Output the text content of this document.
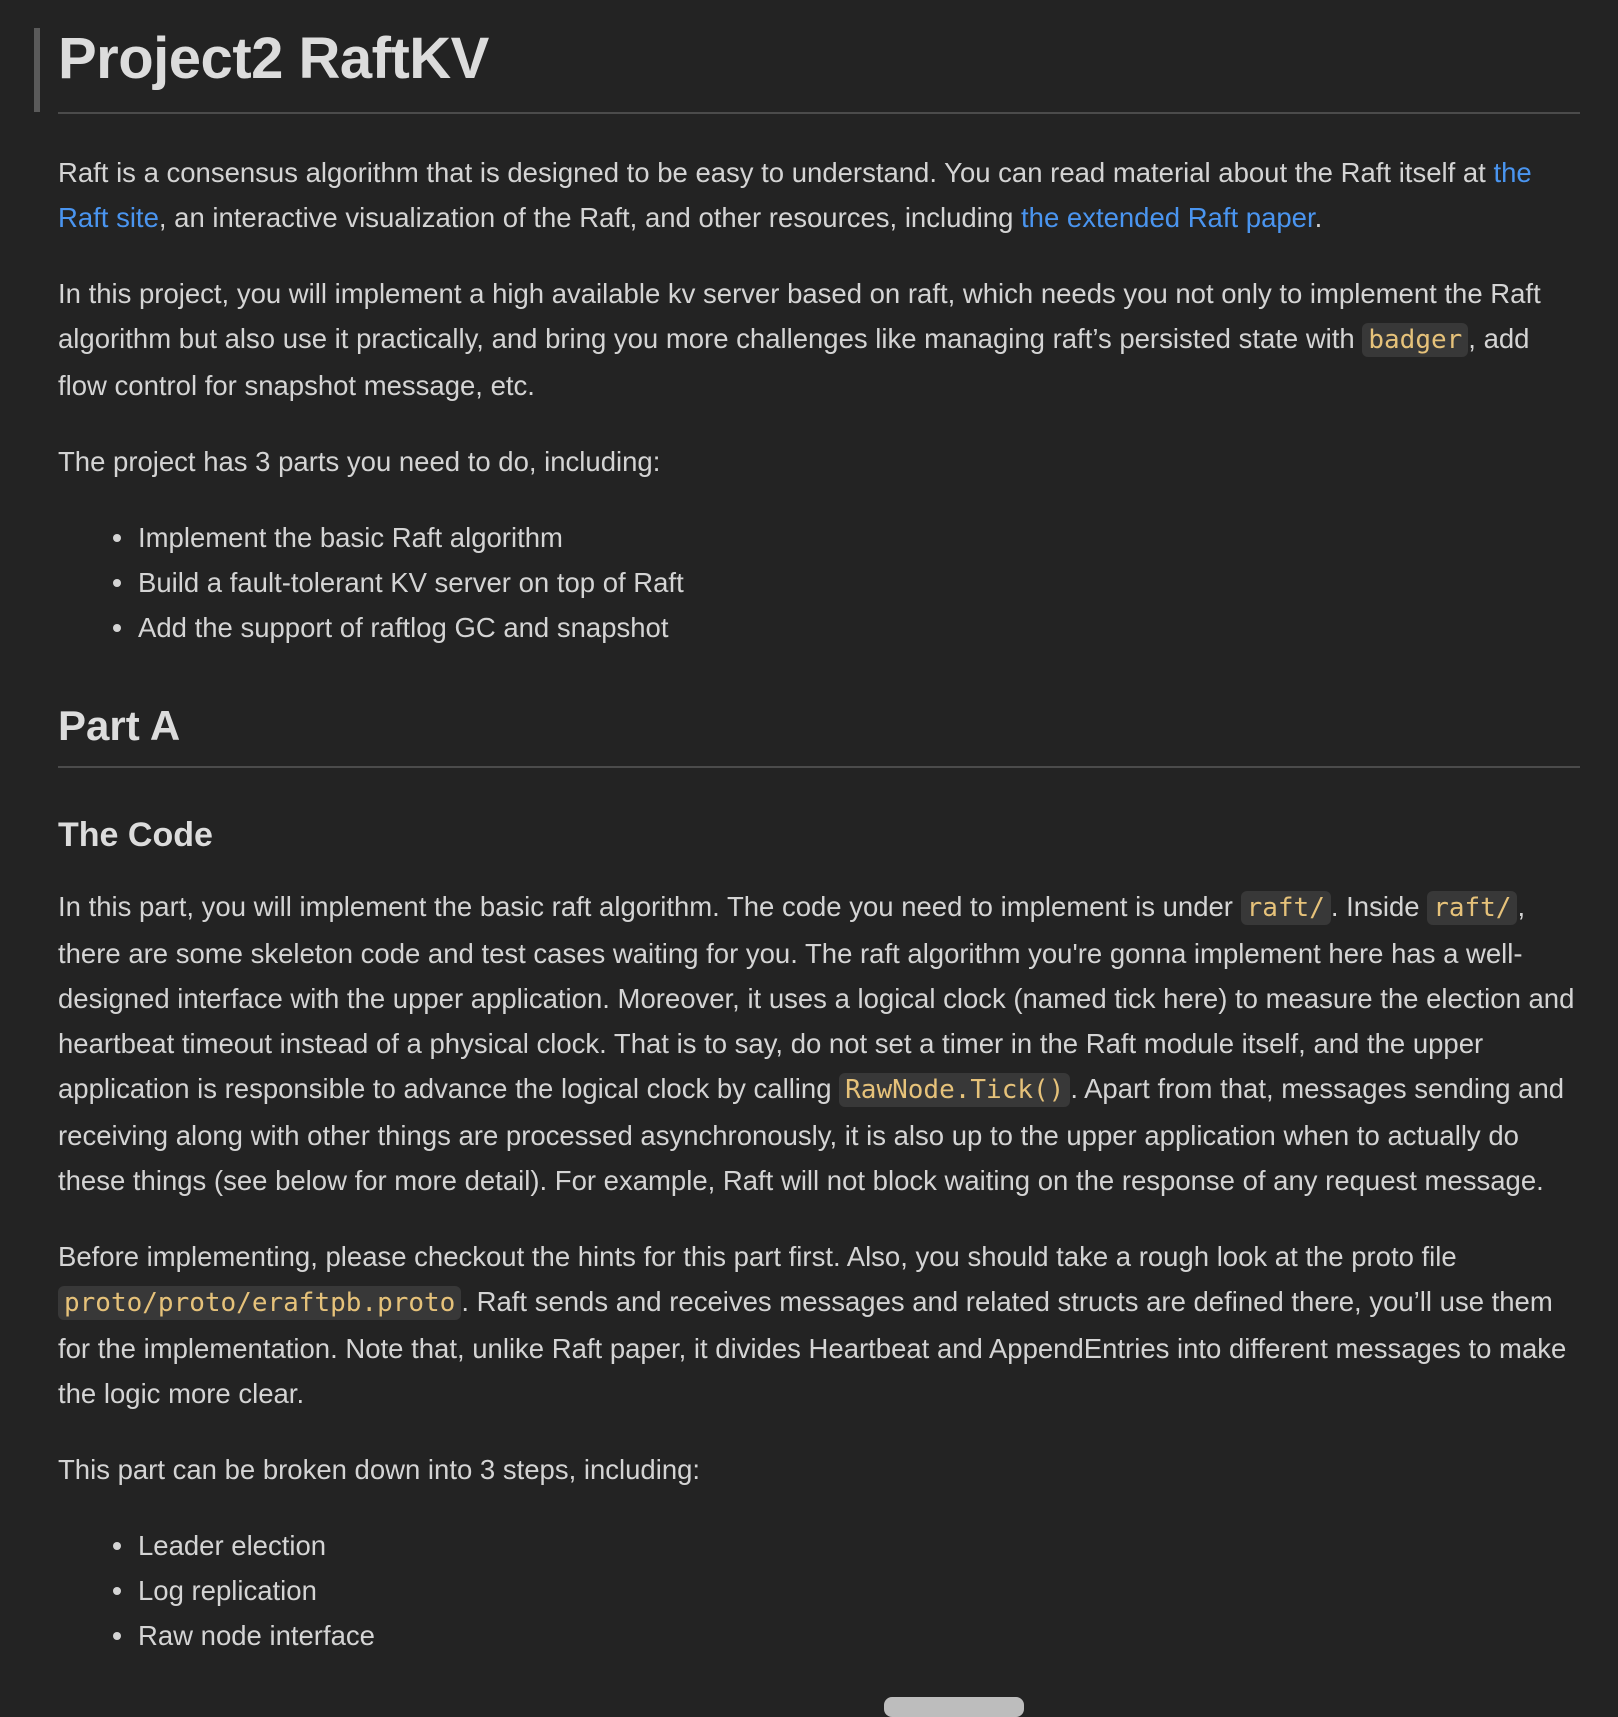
Project2 RaftKV

Raft is a consensus algorithm that is designed to be easy to understand. You can read material about the Raft itself at the Raft site, an interactive visualization of the Raft, and other resources, including the extended Raft paper.

In this project, you will implement a high available kv server based on raft, which needs you not only to implement the Raft algorithm but also use it practically, and bring you more challenges like managing raft’s persisted state with badger , add flow control for snapshot message, etc.

The project has 3 parts you need to do, including:

Implement the basic Raft algorithm
Build a fault-tolerant KV server on top of Raft
Add the support of raftlog GC and snapshot
Part A
The Code

In this part, you will implement the basic raft algorithm. The code you need to implement is under raft/ . Inside raft/ , there are some skeleton code and test cases waiting for you. The raft algorithm you're gonna implement here has a well-designed interface with the upper application. Moreover, it uses a logical clock (named tick here) to measure the election and heartbeat timeout instead of a physical clock. That is to say, do not set a timer in the Raft module itself, and the upper application is responsible to advance the logical clock by calling RawNode.Tick() . Apart from that, messages sending and receiving along with other things are processed asynchronously, it is also up to the upper application when to actually do these things (see below for more detail). For example, Raft will not block waiting on the response of any request message.

Before implementing, please checkout the hints for this part first. Also, you should take a rough look at the proto file proto/proto/eraftpb.proto . Raft sends and receives messages and related structs are defined there, you’ll use them for the implementation. Note that, unlike Raft paper, it divides Heartbeat and AppendEntries into different messages to make the logic more clear.

This part can be broken down into 3 steps, including:

Leader election
Log replication
Raw node interface
